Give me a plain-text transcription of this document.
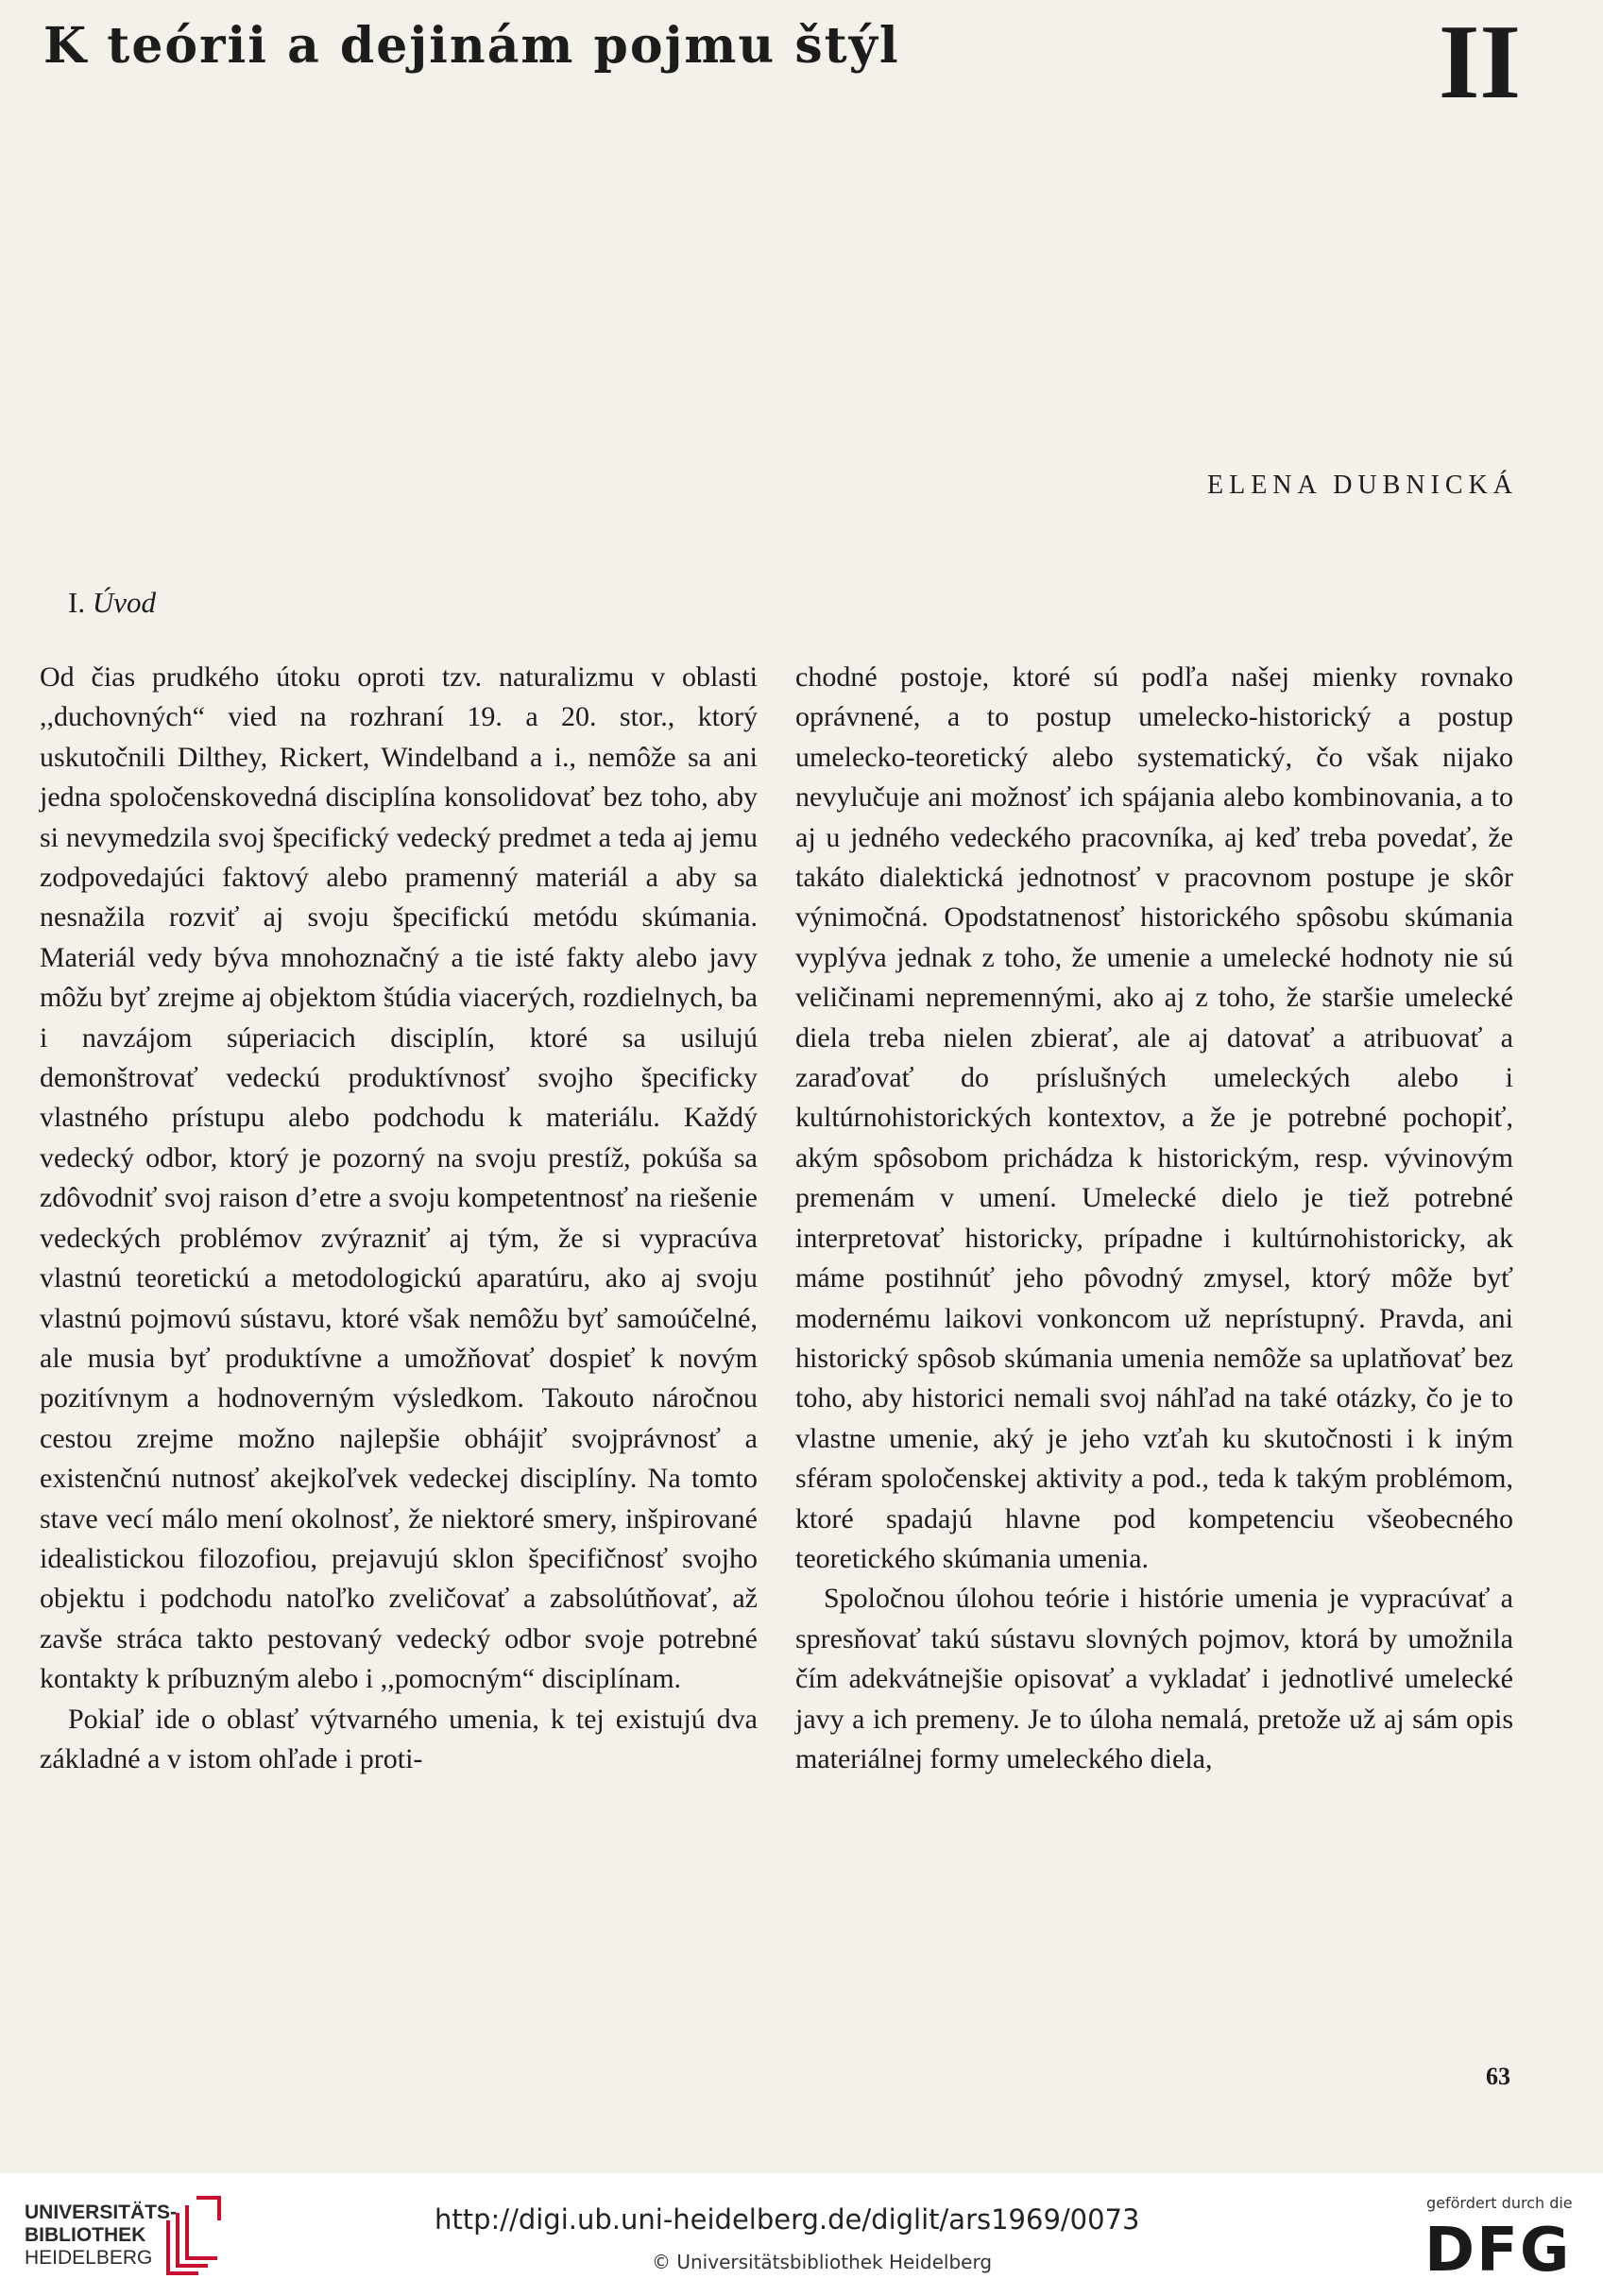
K teórii a dejinám pojmu štýl	II
ELENA DUBNICKÁ
I. Úvod

Od čias prudkého útoku oproti tzv. naturalizmu v oblasti ,,duchovných“ vied na rozhraní 19. a 20. stor., ktorý uskutočnili Dilthey, Rickert, Windelband a i., nemôže sa ani jedna spoločenskovedná disciplína konsolidovať bez toho, aby si nevymedzila svoj špecifický vedecký predmet a teda aj jemu zodpovedajúci faktový alebo pramenný materiál a aby sa nesnažila rozviť aj svoju špecifickú metódu skúmania. Materiál vedy býva mnohoznačný a tie isté fakty alebo javy môžu byť zrejme aj objektom štúdia viacerých, rozdielnych, ba i navzájom súperiacich disciplín, ktoré sa usilujú demonštrovať vedeckú produktívnosť svojho špecificky vlastného prístupu alebo podchodu k materiálu. Každý vedecký odbor, ktorý je pozorný na svoju prestíž, pokúša sa zdôvodniť svoj raison d’etre a svoju kompetentnosť na riešenie vedeckých problémov zvýrazniť aj tým, že si vypracúva vlastnú teoretickú a metodologickú aparatúru, ako aj svoju vlastnú pojmovú sústavu, ktoré však nemôžu byť samoúčelné, ale musia byť produktívne a umožňovať dospieť k novým pozitívnym a hodnoverným výsledkom. Takouto náročnou cestou zrejme možno najlepšie obhájiť svojprávnosť a existenčnú nutnosť akejkoľvek vedeckej disciplíny. Na tomto stave vecí málo mení okolnosť, že niektoré smery, inšpirované idealistickou filozofiou, prejavujú sklon špecifičnosť svojho objektu i podchodu natoľko zveličovať a zabsolútňovať, až zavše stráca takto pestovaný vedecký odbor svoje potrebné kontakty k príbuzným alebo i ,,pomocným“ disciplínam.

Pokiaľ ide o oblasť výtvarného umenia, k tej existujú dva základné a v istom ohľade i proti-

chodné postoje, ktoré sú podľa našej mienky rovnako oprávnené, a to postup umelecko-historický a postup umelecko-teoretický alebo systematický, čo však nijako nevylučuje ani možnosť ich spájania alebo kombinovania, a to aj u jedného vedeckého pracovníka, aj keď treba povedať, že takáto dialektická jednotnosť v pracovnom postupe je skôr výnimočná. Opodstatnenosť historického spôsobu skúmania vyplýva jednak z toho, že umenie a umelecké hodnoty nie sú veličinami nepremennými, ako aj z toho, že staršie umelecké diela treba nielen zbierať, ale aj datovať a atribuovať a zaraďovať do príslušných umeleckých alebo i kultúrnohistorických kontextov, a že je potrebné pochopiť, akým spôsobom prichádza k historickým, resp. vývinovým premenám v umení. Umelecké dielo je tiež potrebné interpretovať historicky, prípadne i kultúrnohistoricky, ak máme postihnúť jeho pôvodný zmysel, ktorý môže byť modernému laikovi vonkoncom už neprístupný. Pravda, ani historický spôsob skúmania umenia nemôže sa uplatňovať bez toho, aby historici nemali svoj náhľad na také otázky, čo je to vlastne umenie, aký je jeho vzťah ku skutočnosti i k iným sféram spoločenskej aktivity a pod., teda k takým problémom, ktoré spadajú hlavne pod kompetenciu všeobecného teoretického skúmania umenia.

Spoločnou úlohou teórie i histórie umenia je vypracúvať a spresňovať takú sústavu slovných pojmov, ktorá by umožnila čím adekvátnejšie opisovať a vykladať i jednotlivé umelecké javy a ich premeny. Je to úloha nemalá, pretože už aj sám opis materiálnej formy umeleckého diela,

63
UNIVERSITÄTS-
BIBLIOTHEK
HEIDELBERG
http://digi.ub.uni-heidelberg.de/diglit/ars1969/0073
© Universitätsbibliothek Heidelberg
gefördert durch die
DFG
